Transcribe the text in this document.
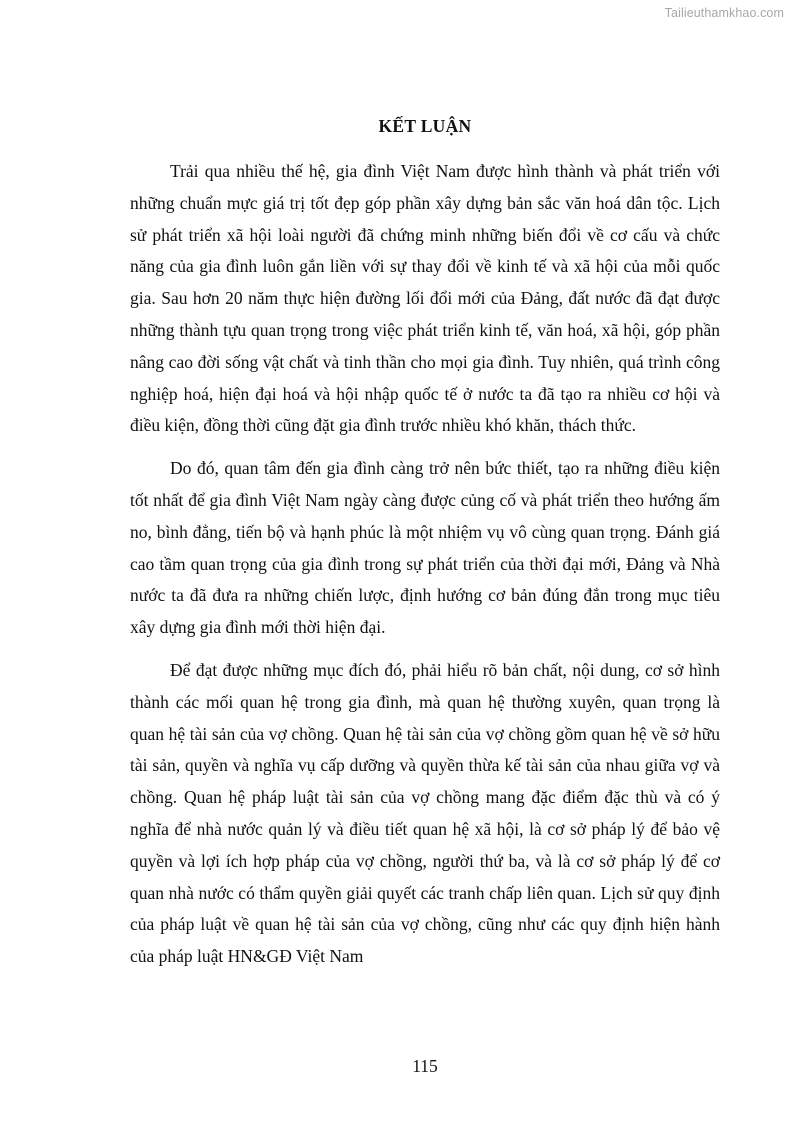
Tailieuthamkhao.com
KẾT LUẬN

Trải qua nhiều thế hệ, gia đình Việt Nam được hình thành và phát triển với những chuẩn mực giá trị tốt đẹp góp phần xây dựng bản sắc văn hoá dân tộc. Lịch sử phát triển xã hội loài người đã chứng minh những biến đổi về cơ cấu và chức năng của gia đình luôn gắn liền với sự thay đổi về kinh tế và xã hội của mỗi quốc gia. Sau hơn 20 năm thực hiện đường lối đổi mới của Đảng, đất nước đã đạt được những thành tựu quan trọng trong việc phát triển kinh tế, văn hoá, xã hội, góp phần nâng cao đời sống vật chất và tinh thần cho mọi gia đình. Tuy nhiên, quá trình công nghiệp hoá, hiện đại hoá và hội nhập quốc tế ở nước ta đã tạo ra nhiều cơ hội và điều kiện, đồng thời cũng đặt gia đình trước nhiều khó khăn, thách thức.

Do đó, quan tâm đến gia đình càng trở nên bức thiết, tạo ra những điều kiện tốt nhất để gia đình Việt Nam ngày càng được củng cố và phát triển theo hướng ấm no, bình đẳng, tiến bộ và hạnh phúc là một nhiệm vụ vô cùng quan trọng. Đánh giá cao tầm quan trọng của gia đình trong sự phát triển của thời đại mới, Đảng và Nhà nước ta đã đưa ra những chiến lược, định hướng cơ bản đúng đắn trong mục tiêu xây dựng gia đình mới thời hiện đại.

Để đạt được những mục đích đó, phải hiểu rõ bản chất, nội dung, cơ sở hình thành các mối quan hệ trong gia đình, mà quan hệ thường xuyên, quan trọng là quan hệ tài sản của vợ chồng. Quan hệ tài sản của vợ chồng gồm quan hệ về sở hữu tài sản, quyền và nghĩa vụ cấp dưỡng và quyền thừa kế tài sản của nhau giữa vợ và chồng. Quan hệ pháp luật tài sản của vợ chồng mang đặc điểm đặc thù và có ý nghĩa để nhà nước quản lý và điều tiết quan hệ xã hội, là cơ sở pháp lý để bảo vệ quyền và lợi ích hợp pháp của vợ chồng, người thứ ba, và là cơ sở pháp lý để cơ quan nhà nước có thẩm quyền giải quyết các tranh chấp liên quan. Lịch sử quy định của pháp luật về quan hệ tài sản của vợ chồng, cũng như các quy định hiện hành của pháp luật HN&GĐ Việt Nam

115
